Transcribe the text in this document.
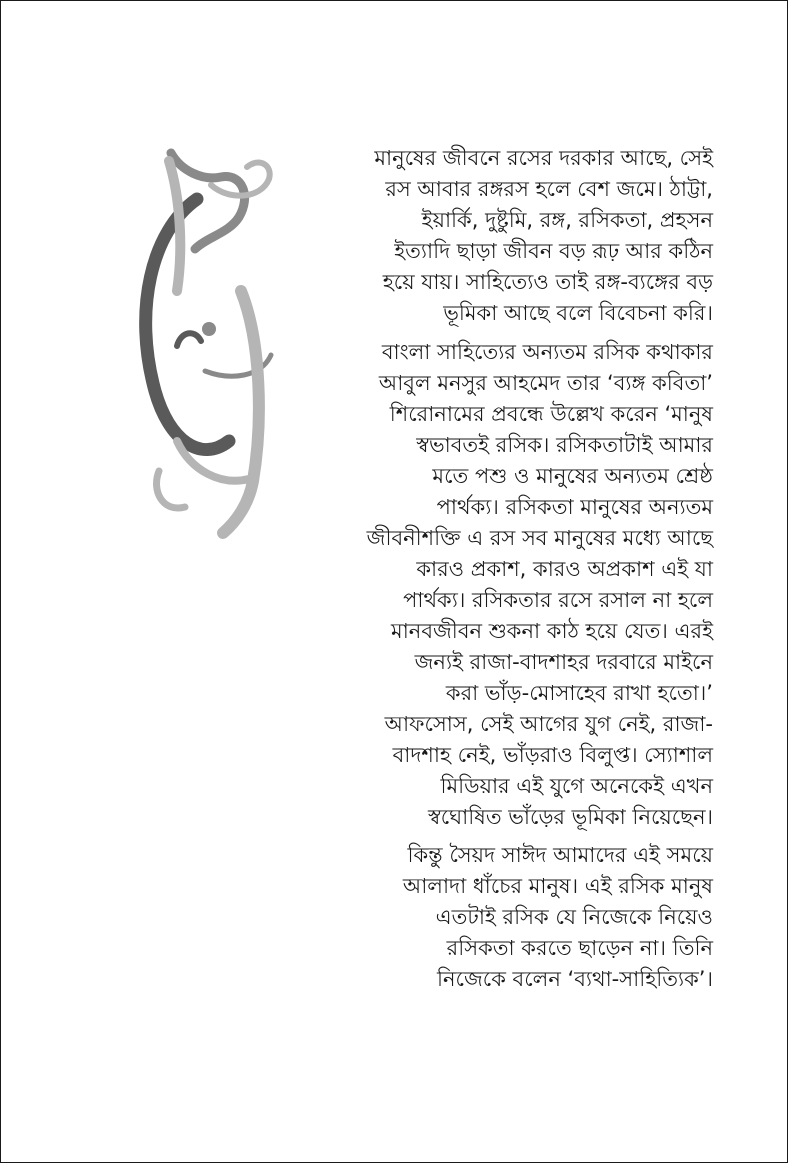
মানুষের জীবনে রসের দরকার আছে, সেই
রস আবার রঙ্গরস হলে বেশ জমে। ঠাট্টা,
ইয়ার্কি, দুষ্টুমি, রঙ্গ, রসিকতা, প্রহসন
ইত্যাদি ছাড়া জীবন বড় রূঢ় আর কঠিন
হয়ে যায়। সাহিত্যেও তাই রঙ্গ-ব্যঙ্গের বড়
ভূমিকা আছে বলে বিবেচনা করি।

বাংলা সাহিত্যের অন্যতম রসিক কথাকার
আবুল মনসুর আহমেদ তার ‘ব্যঙ্গ কবিতা’
শিরোনামের প্রবন্ধে উল্লেখ করেন ‘মানুষ
স্বভাবতই রসিক। রসিকতাটাই আমার
মতে পশু ও মানুষের অন্যতম শ্রেষ্ঠ
পার্থক্য। রসিকতা মানুষের অন্যতম
জীবনীশক্তি এ রস সব মানুষের মধ্যে আছে
কারও প্রকাশ, কারও অপ্রকাশ এই যা
পার্থক্য। রসিকতার রসে রসাল না হলে
মানবজীবন শুকনা কাঠ হয়ে যেত। এরই
জন্যই রাজা-বাদশাহর দরবারে মাইনে
করা ভাঁড়-মোসাহেব রাখা হতো।’
আফসোস, সেই আগের যুগ নেই, রাজা-
বাদশাহ নেই, ভাঁড়রাও বিলুপ্ত। স্যোশাল
মিডিয়ার এই যুগে অনেকেই এখন
স্বঘোষিত ভাঁড়ের ভূমিকা নিয়েছেন।

কিন্তু সৈয়দ সাঈদ আমাদের এই সময়ে
আলাদা ধাঁচের মানুষ। এই রসিক মানুষ
এতটাই রসিক যে নিজেকে নিয়েও
রসিকতা করতে ছাড়েন না। তিনি
নিজেকে বলেন ‘ব্যথা-সাহিত্যিক’।
